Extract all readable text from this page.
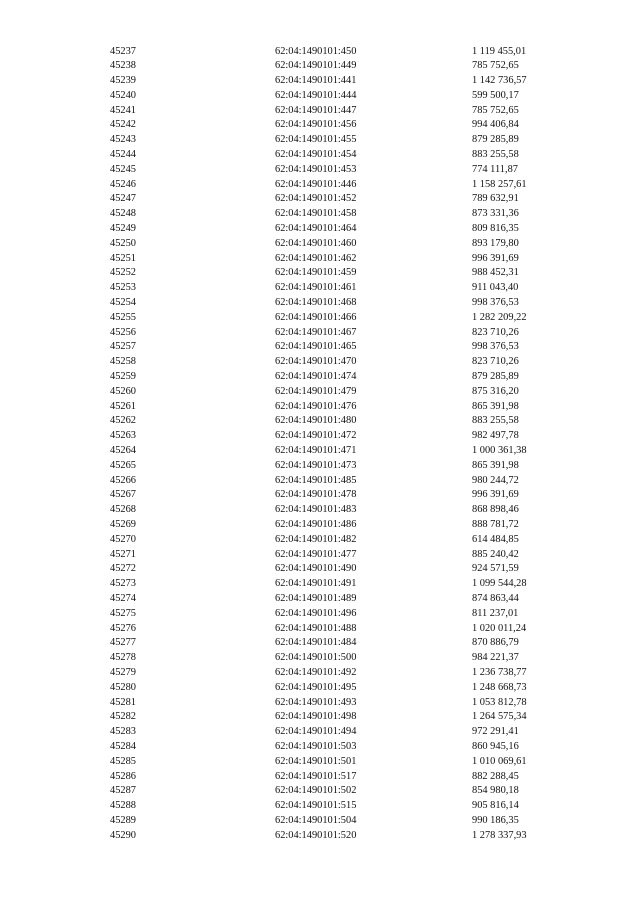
45237	62:04:1490101:450	1 119 455,01
45238	62:04:1490101:449	785 752,65
45239	62:04:1490101:441	1 142 736,57
45240	62:04:1490101:444	599 500,17
45241	62:04:1490101:447	785 752,65
45242	62:04:1490101:456	994 406,84
45243	62:04:1490101:455	879 285,89
45244	62:04:1490101:454	883 255,58
45245	62:04:1490101:453	774 111,87
45246	62:04:1490101:446	1 158 257,61
45247	62:04:1490101:452	789 632,91
45248	62:04:1490101:458	873 331,36
45249	62:04:1490101:464	809 816,35
45250	62:04:1490101:460	893 179,80
45251	62:04:1490101:462	996 391,69
45252	62:04:1490101:459	988 452,31
45253	62:04:1490101:461	911 043,40
45254	62:04:1490101:468	998 376,53
45255	62:04:1490101:466	1 282 209,22
45256	62:04:1490101:467	823 710,26
45257	62:04:1490101:465	998 376,53
45258	62:04:1490101:470	823 710,26
45259	62:04:1490101:474	879 285,89
45260	62:04:1490101:479	875 316,20
45261	62:04:1490101:476	865 391,98
45262	62:04:1490101:480	883 255,58
45263	62:04:1490101:472	982 497,78
45264	62:04:1490101:471	1 000 361,38
45265	62:04:1490101:473	865 391,98
45266	62:04:1490101:485	980 244,72
45267	62:04:1490101:478	996 391,69
45268	62:04:1490101:483	868 898,46
45269	62:04:1490101:486	888 781,72
45270	62:04:1490101:482	614 484,85
45271	62:04:1490101:477	885 240,42
45272	62:04:1490101:490	924 571,59
45273	62:04:1490101:491	1 099 544,28
45274	62:04:1490101:489	874 863,44
45275	62:04:1490101:496	811 237,01
45276	62:04:1490101:488	1 020 011,24
45277	62:04:1490101:484	870 886,79
45278	62:04:1490101:500	984 221,37
45279	62:04:1490101:492	1 236 738,77
45280	62:04:1490101:495	1 248 668,73
45281	62:04:1490101:493	1 053 812,78
45282	62:04:1490101:498	1 264 575,34
45283	62:04:1490101:494	972 291,41
45284	62:04:1490101:503	860 945,16
45285	62:04:1490101:501	1 010 069,61
45286	62:04:1490101:517	882 288,45
45287	62:04:1490101:502	854 980,18
45288	62:04:1490101:515	905 816,14
45289	62:04:1490101:504	990 186,35
45290	62:04:1490101:520	1 278 337,93
